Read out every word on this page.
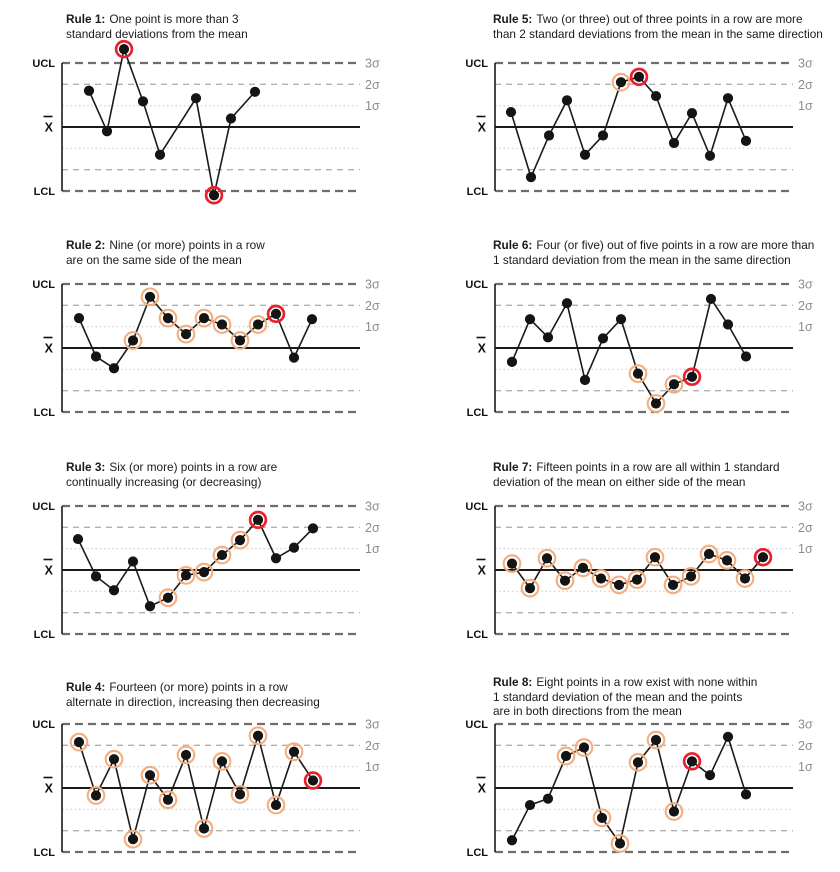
Rule 1: One point is more than 3
standard deviations from the mean
UCL
LCL
X
3σ
2σ
1σ
Rule 5: Two (or three) out of three points in a row are more
than 2 standard deviations from the mean in the same direction
UCL
LCL
X
3σ
2σ
1σ
Rule 2: Nine (or more) points in a row
are on the same side of the mean
UCL
LCL
X
3σ
2σ
1σ
Rule 6: Four (or five) out of five points in a row are more than
1 standard deviation from the mean in the same direction
UCL
LCL
X
3σ
2σ
1σ
Rule 3: Six (or more) points in a row are
continually increasing (or decreasing)
UCL
LCL
X
3σ
2σ
1σ
Rule 7: Fifteen points in a row are all within 1 standard
deviation of the mean on either side of the mean
UCL
LCL
X
3σ
2σ
1σ
Rule 4: Fourteen (or more) points in a row
alternate in direction, increasing then decreasing
UCL
LCL
X
3σ
2σ
1σ
Rule 8: Eight points in a row exist with none within
1 standard deviation of the mean and the points
are in both directions from the mean
UCL
LCL
X
3σ
2σ
1σ
